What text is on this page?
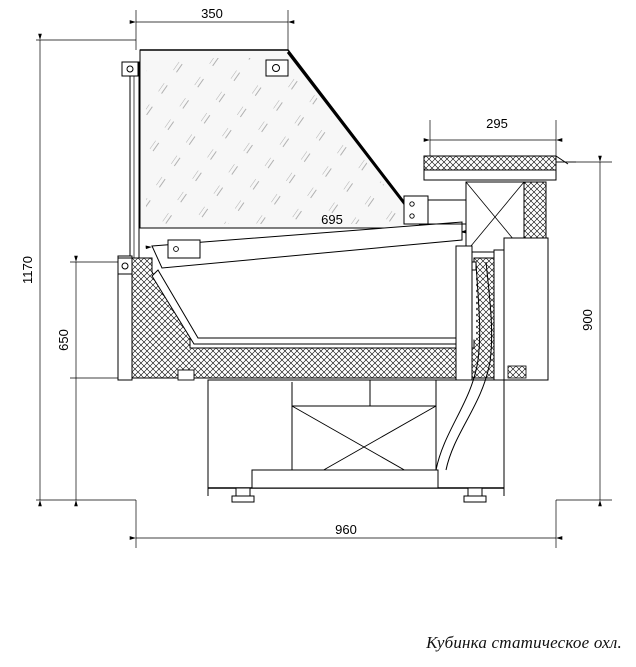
350
295
695
1170
650
900
960
Кубинка статическое охл.
